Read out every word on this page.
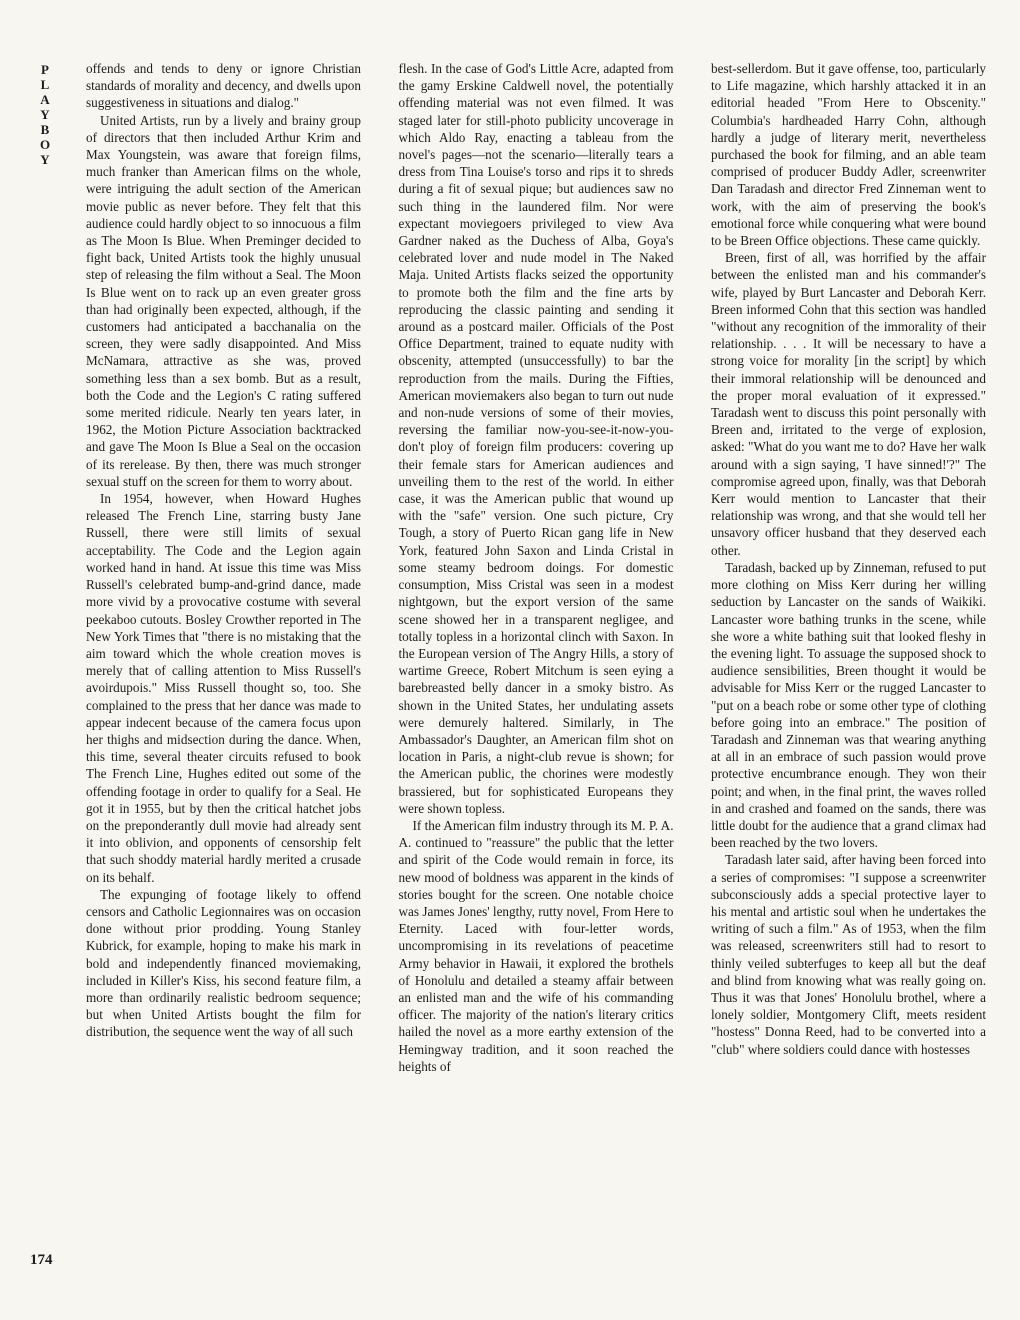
P
L
A
Y
B
O
Y
174

offends and tends to deny or ignore Christian standards of morality and decency, and dwells upon suggestiveness in situations and dialog."

United Artists, run by a lively and brainy group of directors that then included Arthur Krim and Max Youngstein, was aware that foreign films, much franker than American films on the whole, were intriguing the adult section of the American movie public as never before. They felt that this audience could hardly object to so innocuous a film as The Moon Is Blue. When Preminger decided to fight back, United Artists took the highly unusual step of releasing the film without a Seal. The Moon Is Blue went on to rack up an even greater gross than had originally been expected, although, if the customers had anticipated a bacchanalia on the screen, they were sadly disappointed. And Miss McNamara, attractive as she was, proved something less than a sex bomb. But as a result, both the Code and the Legion's C rating suffered some merited ridicule. Nearly ten years later, in 1962, the Motion Picture Association backtracked and gave The Moon Is Blue a Seal on the occasion of its rerelease. By then, there was much stronger sexual stuff on the screen for them to worry about.

In 1954, however, when Howard Hughes released The French Line, starring busty Jane Russell, there were still limits of sexual acceptability. The Code and the Legion again worked hand in hand. At issue this time was Miss Russell's celebrated bump-and-grind dance, made more vivid by a provocative costume with several peekaboo cutouts. Bosley Crowther reported in The New York Times that "there is no mistaking that the aim toward which the whole creation moves is merely that of calling attention to Miss Russell's avoirdupois." Miss Russell thought so, too. She complained to the press that her dance was made to appear indecent because of the camera focus upon her thighs and midsection during the dance. When, this time, several theater circuits refused to book The French Line, Hughes edited out some of the offending footage in order to qualify for a Seal. He got it in 1955, but by then the critical hatchet jobs on the preponderantly dull movie had already sent it into oblivion, and opponents of censorship felt that such shoddy material hardly merited a crusade on its behalf.

The expunging of footage likely to offend censors and Catholic Legionnaires was on occasion done without prior prodding. Young Stanley Kubrick, for example, hoping to make his mark in bold and independently financed moviemaking, included in Killer's Kiss, his second feature film, a more than ordinarily realistic bedroom sequence; but when United Artists bought the film for distribution, the sequence went the way of all such

flesh. In the case of God's Little Acre, adapted from the gamy Erskine Caldwell novel, the potentially offending material was not even filmed. It was staged later for still-photo publicity uncoverage in which Aldo Ray, enacting a tableau from the novel's pages—not the scenario—literally tears a dress from Tina Louise's torso and rips it to shreds during a fit of sexual pique; but audiences saw no such thing in the laundered film. Nor were expectant moviegoers privileged to view Ava Gardner naked as the Duchess of Alba, Goya's celebrated lover and nude model in The Naked Maja. United Artists flacks seized the opportunity to promote both the film and the fine arts by reproducing the classic painting and sending it around as a postcard mailer. Officials of the Post Office Department, trained to equate nudity with obscenity, attempted (unsuccessfully) to bar the reproduction from the mails. During the Fifties, American moviemakers also began to turn out nude and non-nude versions of some of their movies, reversing the familiar now-you-see-it-now-you-don't ploy of foreign film producers: covering up their female stars for American audiences and unveiling them to the rest of the world. In either case, it was the American public that wound up with the "safe" version. One such picture, Cry Tough, a story of Puerto Rican gang life in New York, featured John Saxon and Linda Cristal in some steamy bedroom doings. For domestic consumption, Miss Cristal was seen in a modest nightgown, but the export version of the same scene showed her in a transparent negligee, and totally topless in a horizontal clinch with Saxon. In the European version of The Angry Hills, a story of wartime Greece, Robert Mitchum is seen eying a barebreasted belly dancer in a smoky bistro. As shown in the United States, her undulating assets were demurely haltered. Similarly, in The Ambassador's Daughter, an American film shot on location in Paris, a night-club revue is shown; for the American public, the chorines were modestly brassiered, but for sophisticated Europeans they were shown topless.

If the American film industry through its M. P. A. A. continued to "reassure" the public that the letter and spirit of the Code would remain in force, its new mood of boldness was apparent in the kinds of stories bought for the screen. One notable choice was James Jones' lengthy, rutty novel, From Here to Eternity. Laced with four-letter words, uncompromising in its revelations of peacetime Army behavior in Hawaii, it explored the brothels of Honolulu and detailed a steamy affair between an enlisted man and the wife of his commanding officer. The majority of the nation's literary critics hailed the novel as a more earthy extension of the Hemingway tradition, and it soon reached the heights of

best-sellerdom. But it gave offense, too, particularly to Life magazine, which harshly attacked it in an editorial headed "From Here to Obscenity." Columbia's hardheaded Harry Cohn, although hardly a judge of literary merit, nevertheless purchased the book for filming, and an able team comprised of producer Buddy Adler, screenwriter Dan Taradash and director Fred Zinneman went to work, with the aim of preserving the book's emotional force while conquering what were bound to be Breen Office objections. These came quickly.

Breen, first of all, was horrified by the affair between the enlisted man and his commander's wife, played by Burt Lancaster and Deborah Kerr. Breen informed Cohn that this section was handled "without any recognition of the immorality of their relationship. . . . It will be necessary to have a strong voice for morality [in the script] by which their immoral relationship will be denounced and the proper moral evaluation of it expressed." Taradash went to discuss this point personally with Breen and, irritated to the verge of explosion, asked: "What do you want me to do? Have her walk around with a sign saying, 'I have sinned!'?" The compromise agreed upon, finally, was that Deborah Kerr would mention to Lancaster that their relationship was wrong, and that she would tell her unsavory officer husband that they deserved each other.

Taradash, backed up by Zinneman, refused to put more clothing on Miss Kerr during her willing seduction by Lancaster on the sands of Waikiki. Lancaster wore bathing trunks in the scene, while she wore a white bathing suit that looked fleshy in the evening light. To assuage the supposed shock to audience sensibilities, Breen thought it would be advisable for Miss Kerr or the rugged Lancaster to "put on a beach robe or some other type of clothing before going into an embrace." The position of Taradash and Zinneman was that wearing anything at all in an embrace of such passion would prove protective encumbrance enough. They won their point; and when, in the final print, the waves rolled in and crashed and foamed on the sands, there was little doubt for the audience that a grand climax had been reached by the two lovers.

Taradash later said, after having been forced into a series of compromises: "I suppose a screenwriter subconsciously adds a special protective layer to his mental and artistic soul when he undertakes the writing of such a film." As of 1953, when the film was released, screenwriters still had to resort to thinly veiled subterfuges to keep all but the deaf and blind from knowing what was really going on. Thus it was that Jones' Honolulu brothel, where a lonely soldier, Montgomery Clift, meets resident "hostess" Donna Reed, had to be converted into a "club" where soldiers could dance with hostesses
